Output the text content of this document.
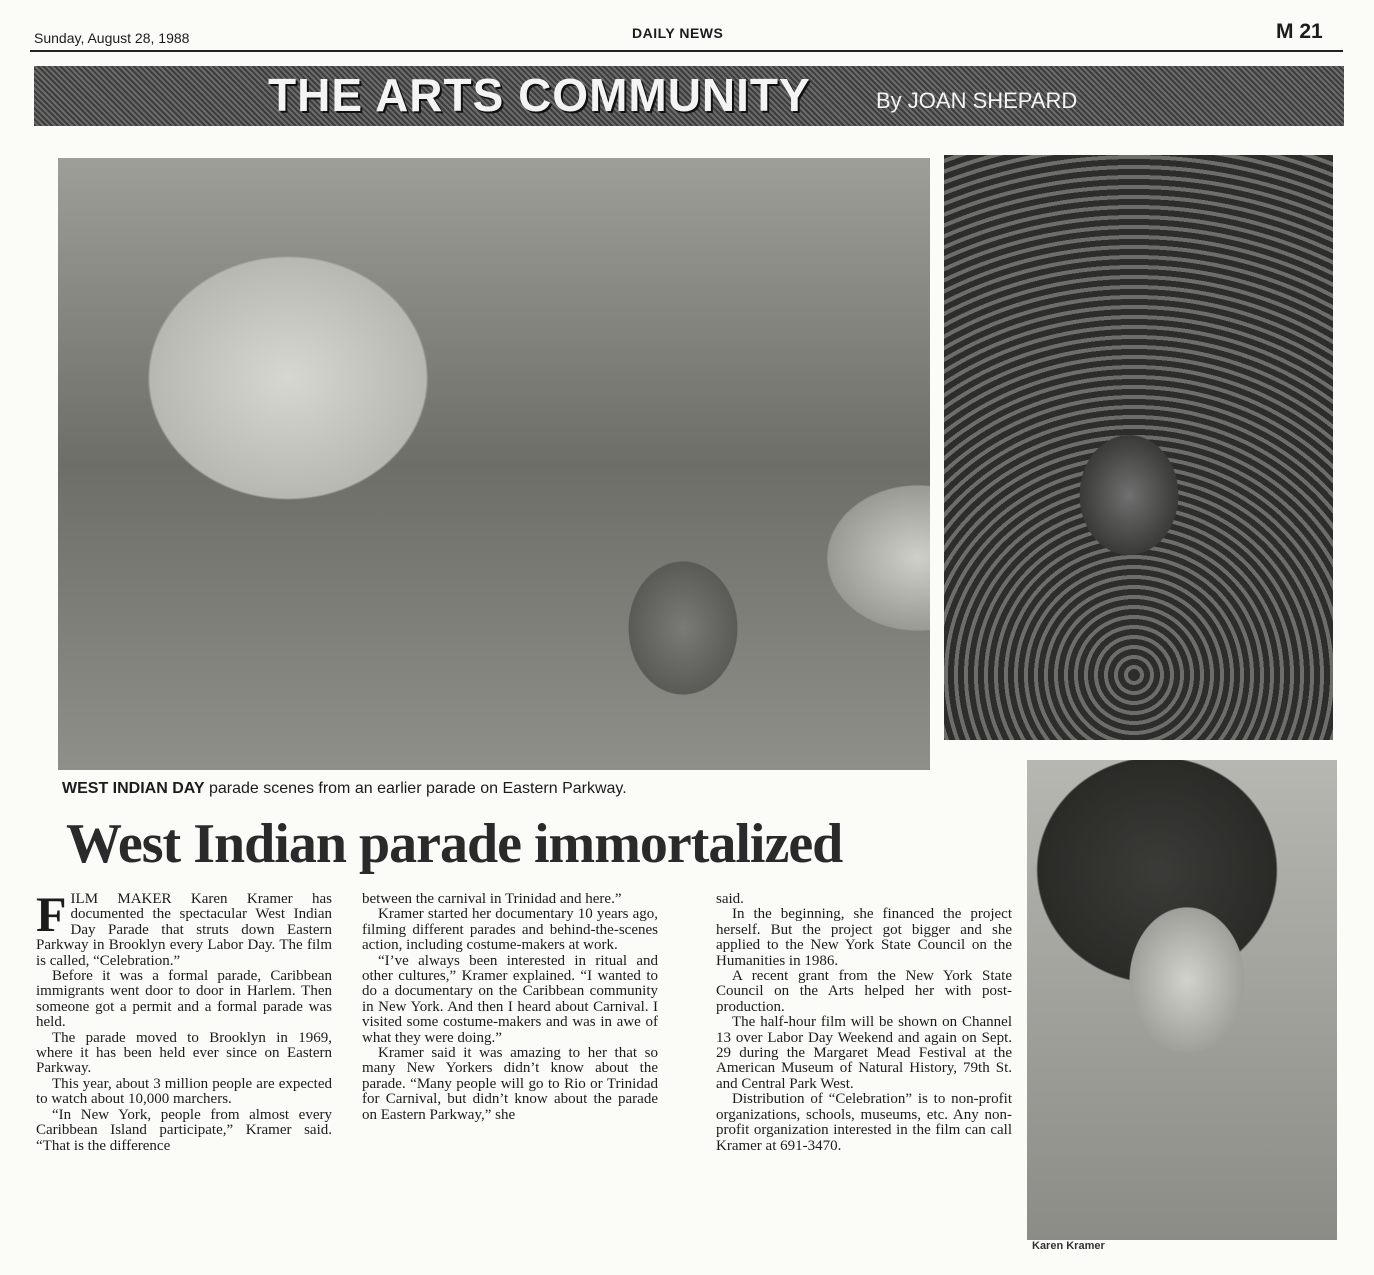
Sunday, August 28, 1988	DAILY NEWS	M 21
THE ARTS COMMUNITY	By JOAN SHEPARD
WEST INDIAN DAY parade scenes from an earlier parade on Eastern Parkway.
Karen Kramer
West Indian parade immortalized

FILM MAKER Karen Kramer has documented the spectacular West Indian Day Parade that struts down Eastern Parkway in Brooklyn every Labor Day. The film is called, “Celebration.”

Before it was a formal parade, Caribbean immigrants went door to door in Harlem. Then someone got a permit and a formal parade was held.

The parade moved to Brooklyn in 1969, where it has been held ever since on Eastern Parkway.

This year, about 3 million people are expected to watch about 10,000 marchers.

“In New York, people from almost every Caribbean Island participate,” Kramer said. “That is the difference

between the carnival in Trinidad and here.”

Kramer started her documentary 10 years ago, filming different parades and behind-the-scenes action, including costume-makers at work.

“I’ve always been interested in ritual and other cultures,” Kramer explained. “I wanted to do a documentary on the Caribbean community in New York. And then I heard about Carnival. I visited some costume-makers and was in awe of what they were doing.”

Kramer said it was amazing to her that so many New Yorkers didn’t know about the parade. “Many people will go to Rio or Trinidad for Carnival, but didn’t know about the parade on Eastern Parkway,” she

said.

In the beginning, she financed the project herself. But the project got bigger and she applied to the New York State Council on the Humanities in 1986.

A recent grant from the New York State Council on the Arts helped her with post-production.

The half-hour film will be shown on Channel 13 over Labor Day Weekend and again on Sept. 29 during the Margaret Mead Festival at the American Museum of Natural History, 79th St. and Central Park West.

Distribution of “Celebration” is to non-profit organizations, schools, museums, etc. Any non-profit organization interested in the film can call Kramer at 691-3470.
